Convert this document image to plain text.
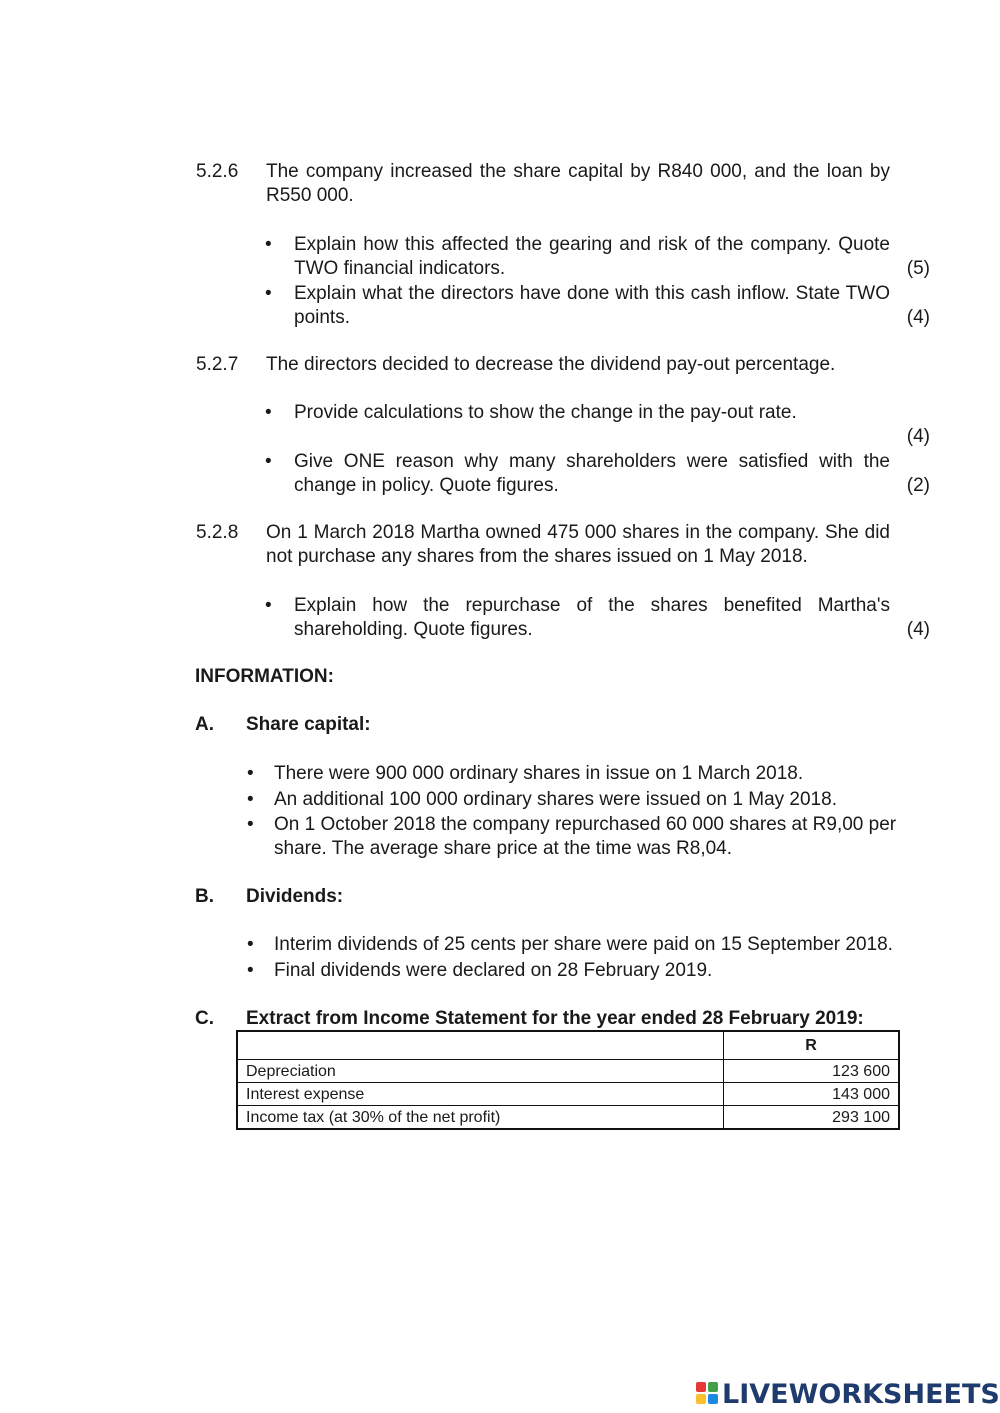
5.2.6 The company increased the share capital by R840 000, and the loan by R550 000.
• Explain how this affected the gearing and risk of the company. Quote TWO financial indicators.	(5)
• Explain what the directors have done with this cash inflow. State TWO points.	(4)
5.2.7 The directors decided to decrease the dividend pay-out percentage.
• Provide calculations to show the change in the pay-out rate.
(4)
• Give ONE reason why many shareholders were satisfied with the change in policy. Quote figures.	(2)
5.2.8 On 1 March 2018 Martha owned 475 000 shares in the company. She did not purchase any shares from the shares issued on 1 May 2018.
• Explain how the repurchase of the shares benefited Martha's shareholding. Quote figures.	(4)
INFORMATION:
A. Share capital:
• There were 900 000 ordinary shares in issue on 1 March 2018.
• An additional 100 000 ordinary shares were issued on 1 May 2018.
• On 1 October 2018 the company repurchased 60 000 shares at R9,00 per share. The average share price at the time was R8,04.
B. Dividends:
• Interim dividends of 25 cents per share were paid on 15 September 2018.
• Final dividends were declared on 28 February 2019.
C. Extract from Income Statement for the year ended 28 February 2019:
	R
Depreciation	123 600
Interest expense	143 000
Income tax (at 30% of the net profit)	293 100
LIVEWORKSHEETS
